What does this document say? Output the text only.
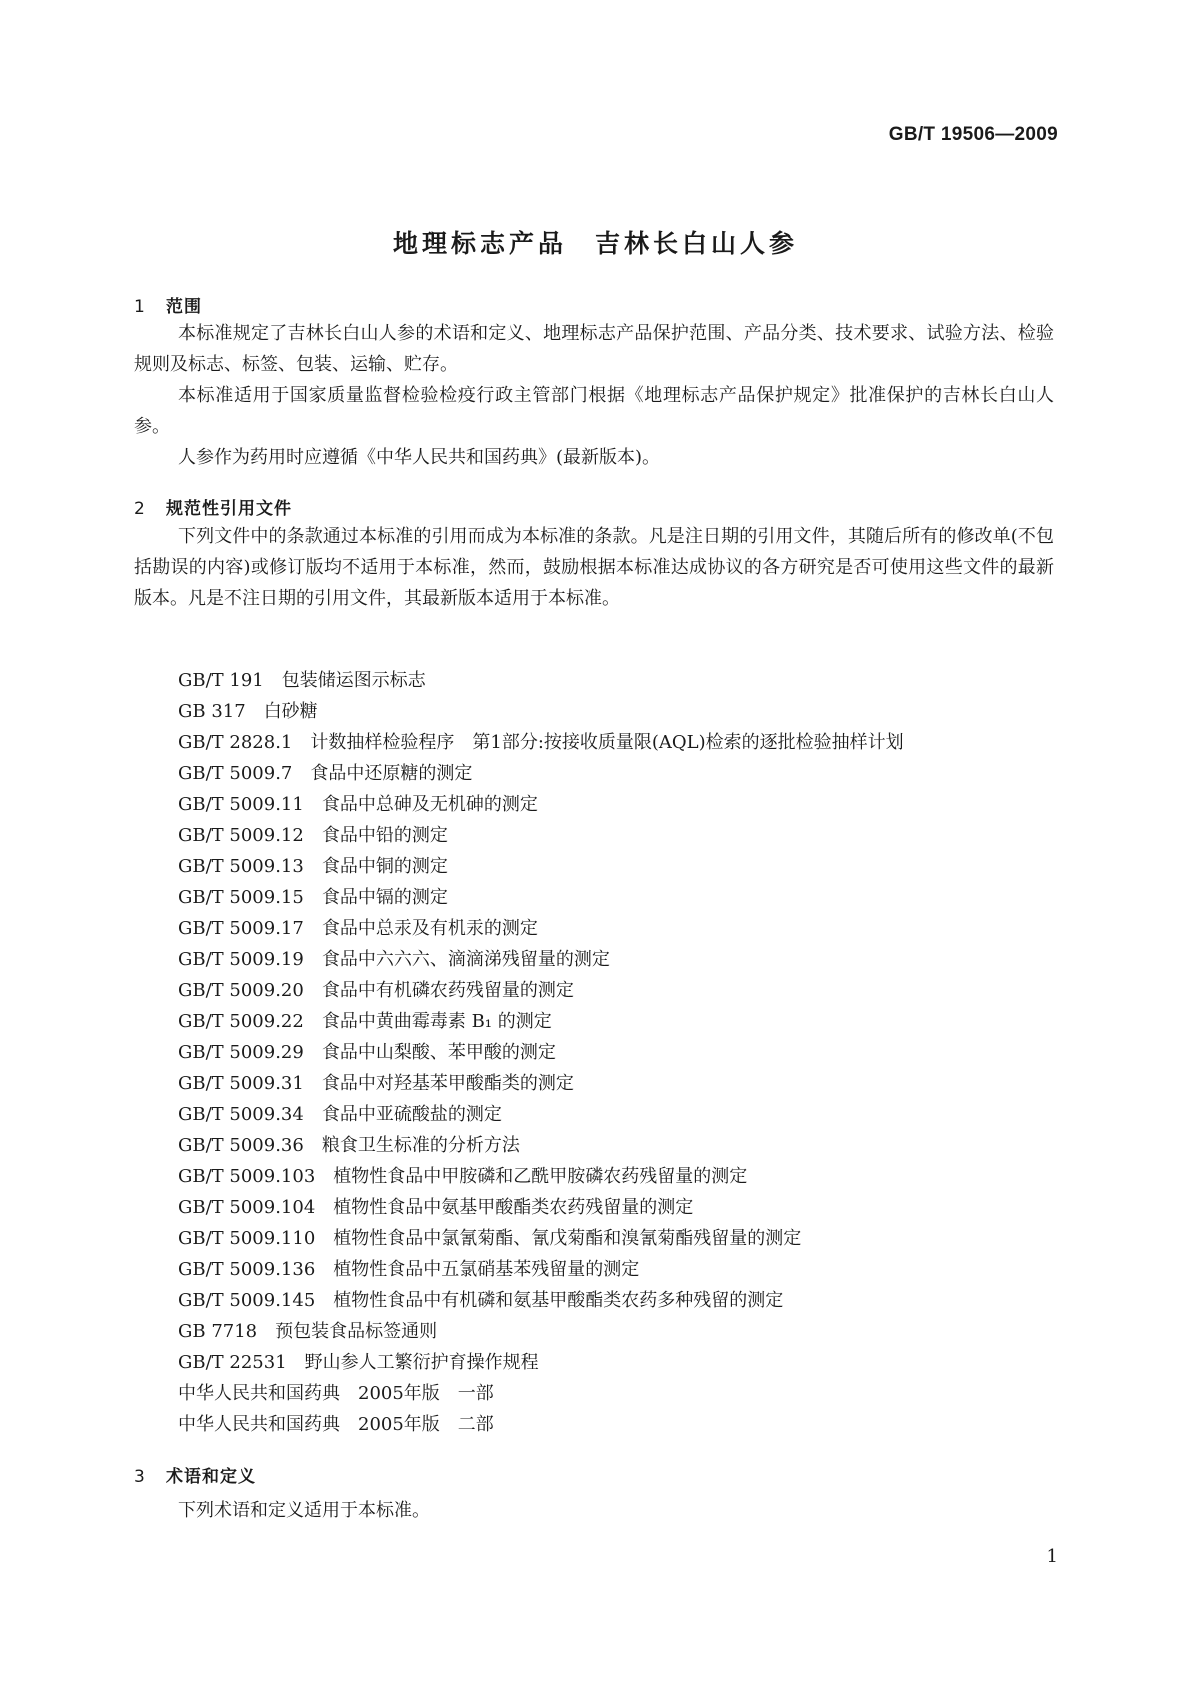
GB/T 19506—2009
地理标志产品 吉林长白山人参
1 范围

本标准规定了吉林长白山人参的术语和定义、地理标志产品保护范围、产品分类、技术要求、试验方法、检验规则及标志、标签、包装、运输、贮存。

本标准适用于国家质量监督检验检疫行政主管部门根据《地理标志产品保护规定》批准保护的吉林长白山人参。

人参作为药用时应遵循《中华人民共和国药典》(最新版本)。

2 规范性引用文件

下列文件中的条款通过本标准的引用而成为本标准的条款。凡是注日期的引用文件，其随后所有的修改单(不包括勘误的内容)或修订版均不适用于本标准，然而，鼓励根据本标准达成协议的各方研究是否可使用这些文件的最新版本。凡是不注日期的引用文件，其最新版本适用于本标准。

GB/T 191 包装储运图示标志
GB 317 白砂糖
GB/T 2828.1 计数抽样检验程序　第1部分:按接收质量限(AQL)检索的逐批检验抽样计划
GB/T 5009.7 食品中还原糖的测定
GB/T 5009.11 食品中总砷及无机砷的测定
GB/T 5009.12 食品中铅的测定
GB/T 5009.13 食品中铜的测定
GB/T 5009.15 食品中镉的测定
GB/T 5009.17 食品中总汞及有机汞的测定
GB/T 5009.19 食品中六六六、滴滴涕残留量的测定
GB/T 5009.20 食品中有机磷农药残留量的测定
GB/T 5009.22 食品中黄曲霉毒素 B₁ 的测定
GB/T 5009.29 食品中山梨酸、苯甲酸的测定
GB/T 5009.31 食品中对羟基苯甲酸酯类的测定
GB/T 5009.34 食品中亚硫酸盐的测定
GB/T 5009.36 粮食卫生标准的分析方法
GB/T 5009.103 植物性食品中甲胺磷和乙酰甲胺磷农药残留量的测定
GB/T 5009.104 植物性食品中氨基甲酸酯类农药残留量的测定
GB/T 5009.110 植物性食品中氯氰菊酯、氰戊菊酯和溴氰菊酯残留量的测定
GB/T 5009.136 植物性食品中五氯硝基苯残留量的测定
GB/T 5009.145 植物性食品中有机磷和氨基甲酸酯类农药多种残留的测定
GB 7718 预包装食品标签通则
GB/T 22531 野山参人工繁衍护育操作规程
中华人民共和国药典 2005年版　一部
中华人民共和国药典 2005年版　二部
3 术语和定义

下列术语和定义适用于本标准。

1
